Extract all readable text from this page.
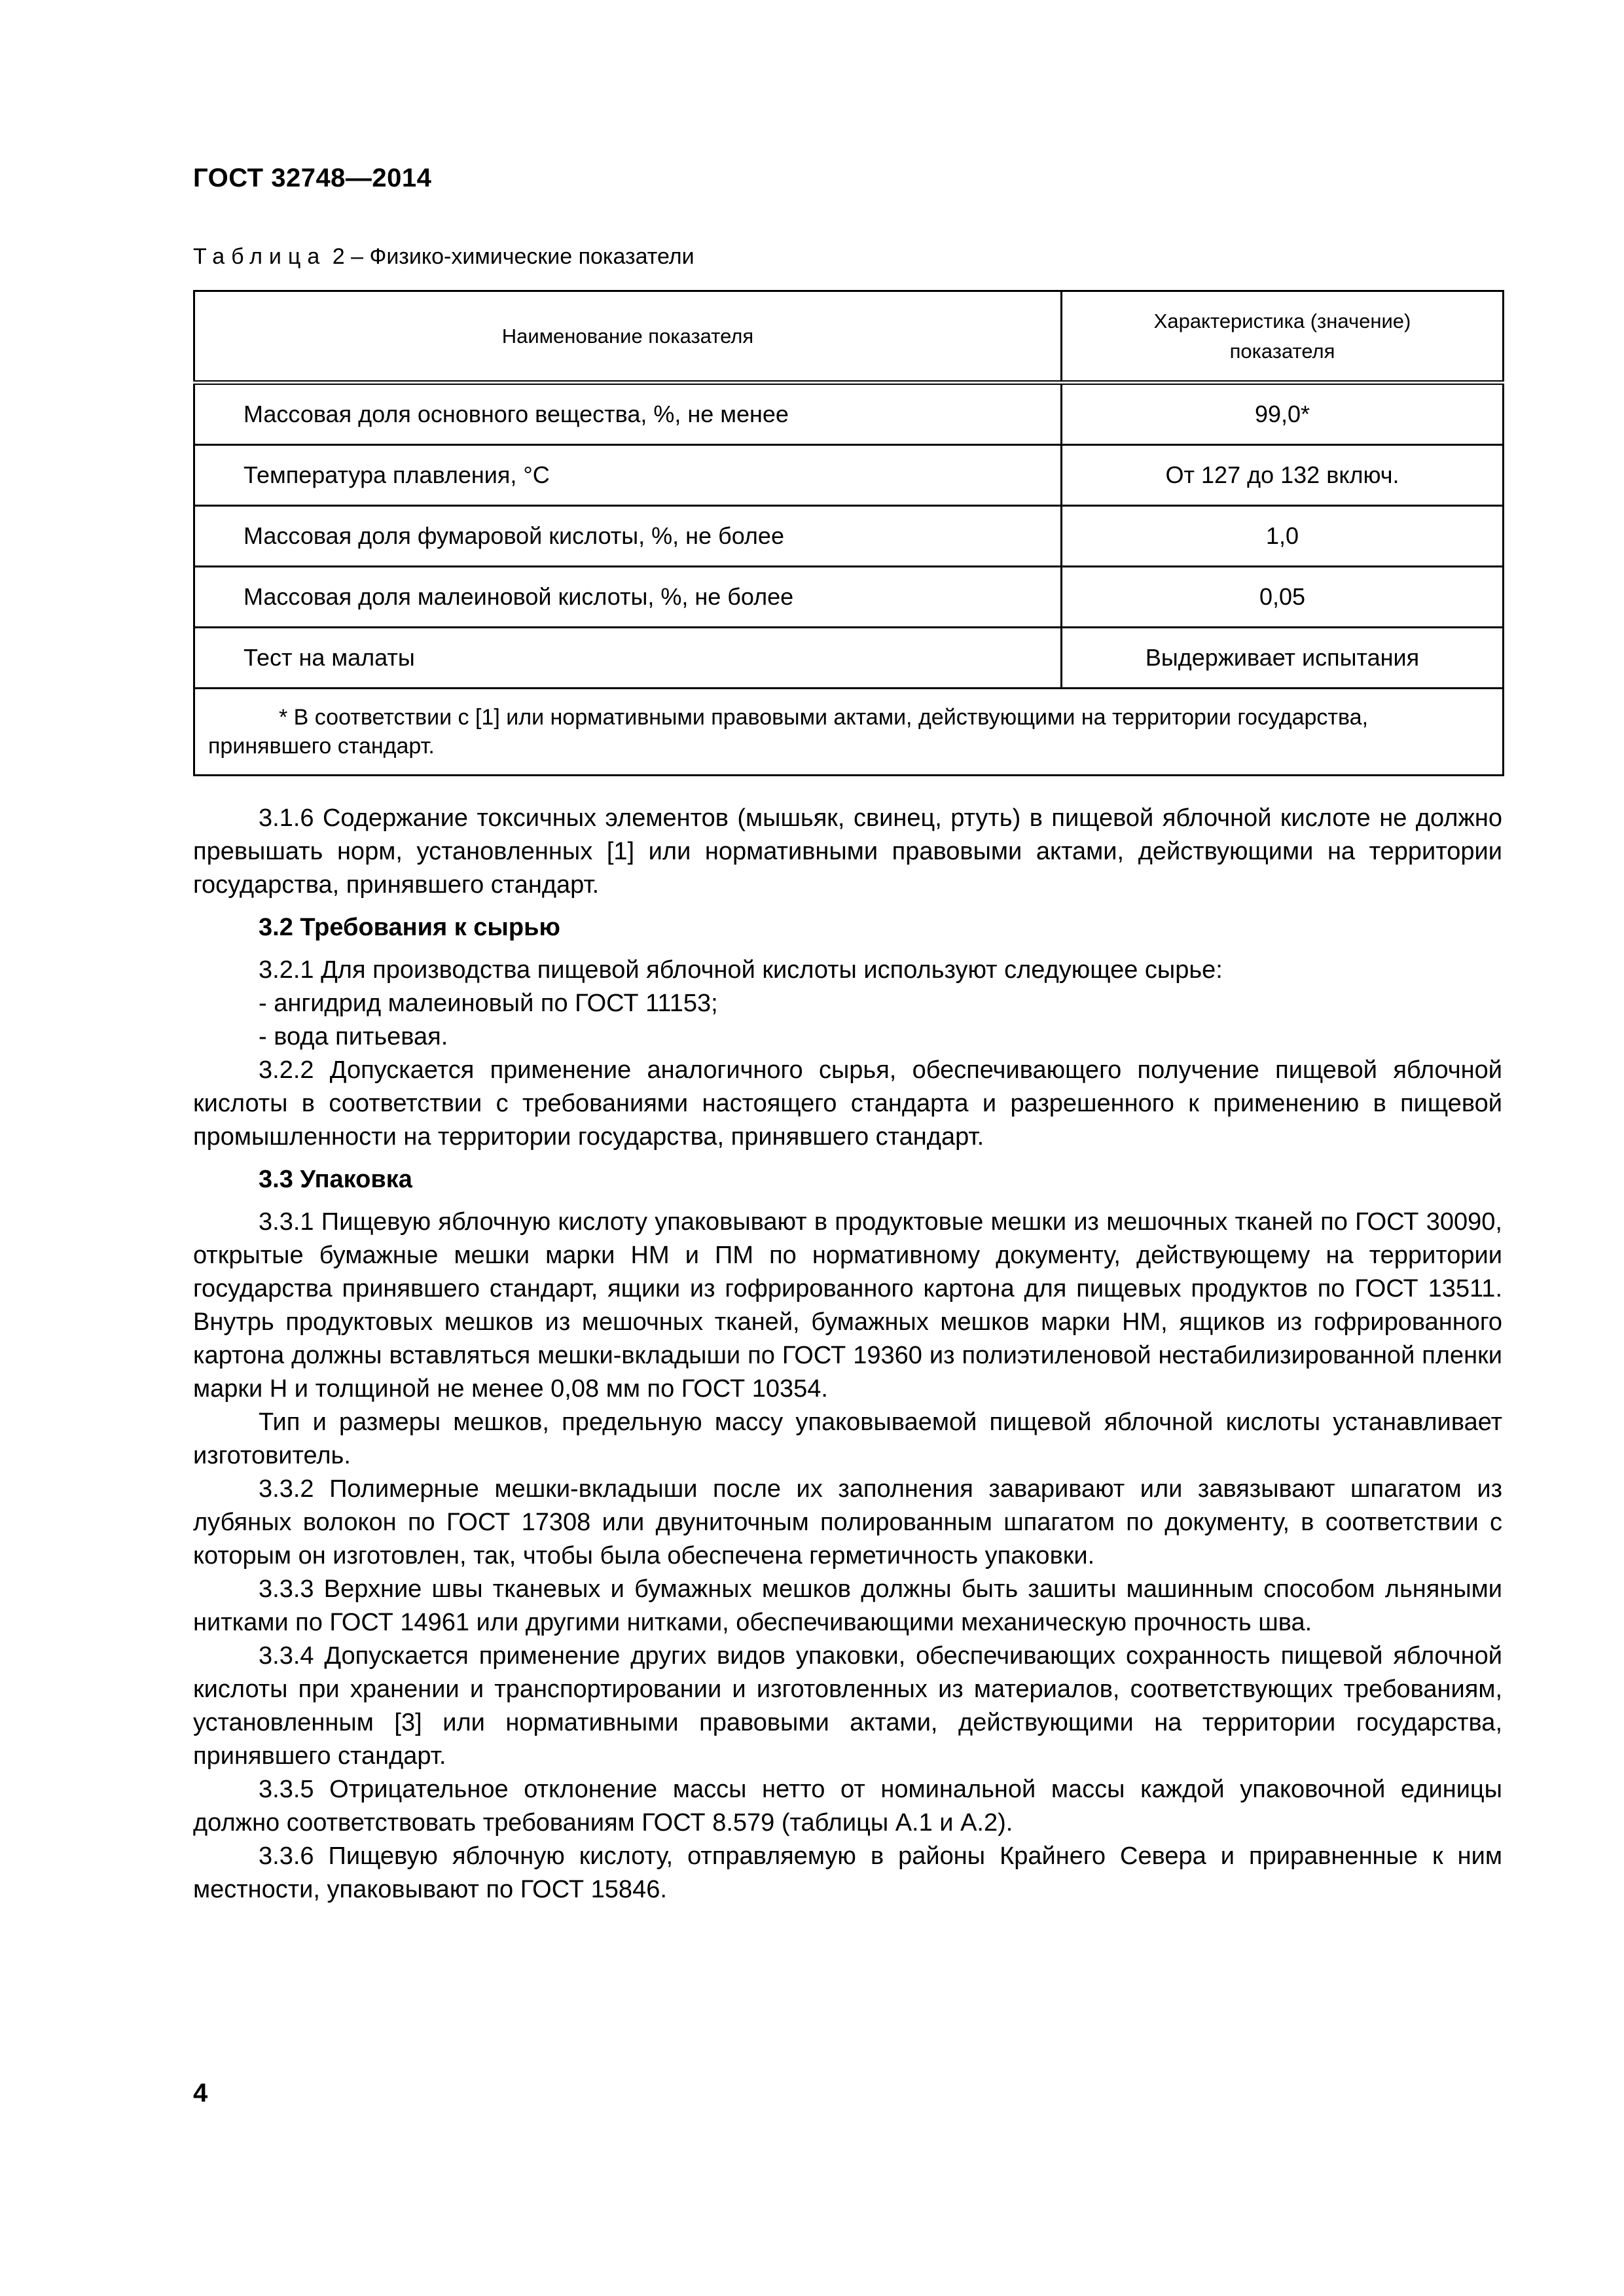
ГОСТ 32748—2014
Таблица 2 – Физико-химические показатели
Наименование показателя	Характеристика (значение) показателя
Массовая доля основного вещества, %, не менее	99,0*
Температура плавления, °С	От 127 до 132 включ.
Массовая доля фумаровой кислоты, %, не более	1,0
Массовая доля малеиновой кислоты, %, не более	0,05
Тест на малаты	Выдерживает испытания

* В соответствии с [1] или нормативными правовыми актами, действующими на территории государства, принявшего стандарт.	

3.1.6 Содержание токсичных элементов (мышьяк, свинец, ртуть) в пищевой яблочной кислоте не должно превышать норм, установленных [1] или нормативными правовыми актами, действующими на территории государства, принявшего стандарт.

3.2 Требования к сырью

3.2.1 Для производства пищевой яблочной кислоты используют следующее сырье:

- ангидрид малеиновый по ГОСТ 11153;

- вода питьевая.

3.2.2 Допускается применение аналогичного сырья, обеспечивающего получение пищевой яблочной кислоты в соответствии с требованиями настоящего стандарта и разрешенного к применению в пищевой промышленности на территории государства, принявшего стандарт.

3.3 Упаковка

3.3.1 Пищевую яблочную кислоту упаковывают в продуктовые мешки из мешочных тканей по ГОСТ 30090, открытые бумажные мешки марки НМ и ПМ по нормативному документу, действующему на территории государства принявшего стандарт, ящики из гофрированного картона для пищевых продуктов по ГОСТ 13511. Внутрь продуктовых мешков из мешочных тканей, бумажных мешков марки НМ, ящиков из гофрированного картона должны вставляться мешки-вкладыши по ГОСТ 19360 из полиэтиленовой нестабилизированной пленки марки Н и толщиной не менее 0,08 мм по ГОСТ 10354.

Тип и размеры мешков, предельную массу упаковываемой пищевой яблочной кислоты устанавливает изготовитель.

3.3.2 Полимерные мешки-вкладыши после их заполнения заваривают или завязывают шпагатом из лубяных волокон по ГОСТ 17308 или двуниточным полированным шпагатом по документу, в соответствии с которым он изготовлен, так, чтобы была обеспечена герметичность упаковки.

3.3.3 Верхние швы тканевых и бумажных мешков должны быть зашиты машинным способом льняными нитками по ГОСТ 14961 или другими нитками, обеспечивающими механическую прочность шва.

3.3.4 Допускается применение других видов упаковки, обеспечивающих сохранность пищевой яблочной кислоты при хранении и транспортировании и изготовленных из материалов, соответствующих требованиям, установленным [3] или нормативными правовыми актами, действующими на территории государства, принявшего стандарт.

3.3.5 Отрицательное отклонение массы нетто от номинальной массы каждой упаковочной единицы должно соответствовать требованиям ГОСТ 8.579 (таблицы А.1 и А.2).

3.3.6 Пищевую яблочную кислоту, отправляемую в районы Крайнего Севера и приравненные к ним местности, упаковывают по ГОСТ 15846.

4
